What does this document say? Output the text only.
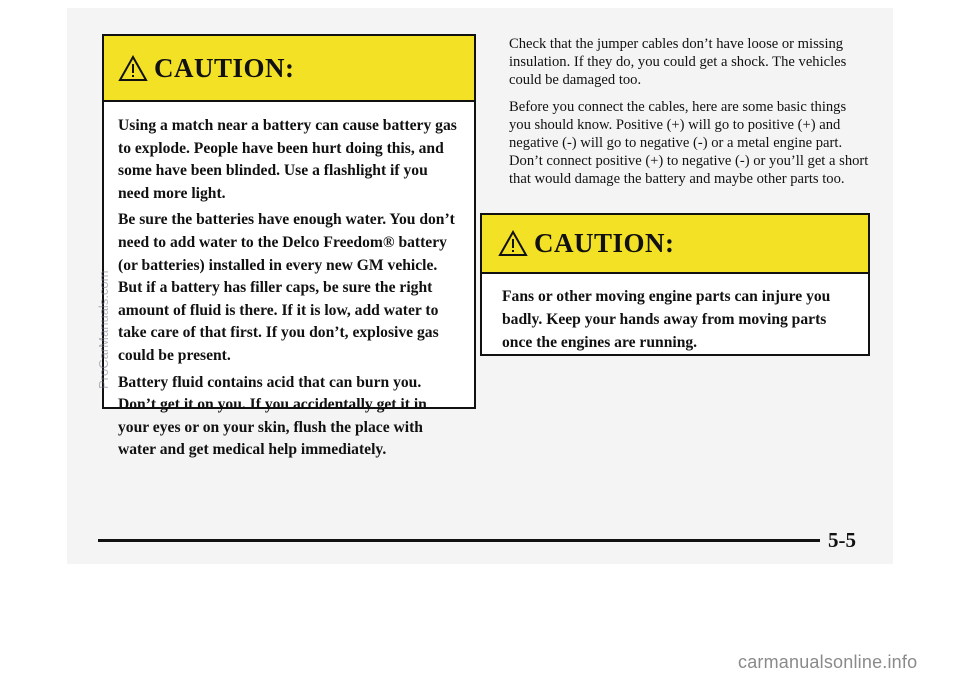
CAUTION:

Using a match near a battery can cause battery gas to explode. People have been hurt doing this, and some have been blinded. Use a flashlight if you need more light.

Be sure the batteries have enough water. You don’t need to add water to the Delco Freedom® battery (or batteries) installed in every new GM vehicle. But if a battery has filler caps, be sure the right amount of fluid is there. If it is low, add water to take care of that first. If you don’t, explosive gas could be present.

Battery fluid contains acid that can burn you. Don’t get it on you. If you accidentally get it in your eyes or on your skin, flush the place with water and get medical help immediately.

Check that the jumper cables don’t have loose or missing insulation. If they do, you could get a shock. The vehicles could be damaged too.

Before you connect the cables, here are some basic things you should know. Positive (+) will go to positive (+) and negative (-) will go to negative (-) or a metal engine part. Don’t connect positive (+) to negative (-) or you’ll get a short that would damage the battery and maybe other parts too.

CAUTION:

Fans or other moving engine parts can injure you badly. Keep your hands away from moving parts once the engines are running.

5-5
ProCarManuals.com
carmanualsonline.info
